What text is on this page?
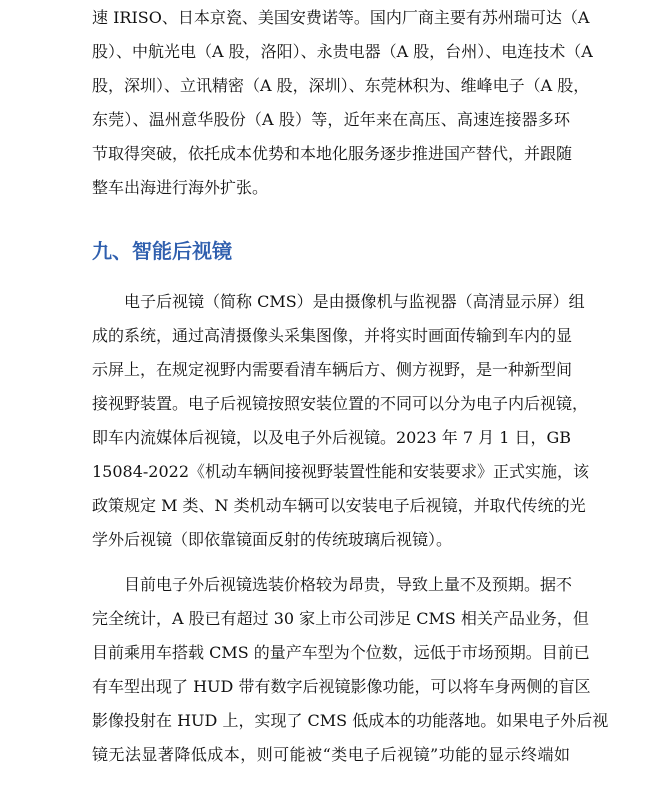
速 IRISO、日本京瓷、美国安费诺等。国内厂商主要有苏州瑞可达（A
股）、中航光电（A 股，洛阳）、永贵电器（A 股，台州）、电连技术（A
股，深圳）、立讯精密（A 股，深圳）、东莞林积为、维峰电子（A 股，
东莞）、温州意华股份（A 股）等，近年来在高压、高速连接器多环
节取得突破，依托成本优势和本地化服务逐步推进国产替代，并跟随
整车出海进行海外扩张。
九、智能后视镜
电子后视镜（简称 CMS）是由摄像机与监视器（高清显示屏）组
成的系统，通过高清摄像头采集图像，并将实时画面传输到车内的显
示屏上，在规定视野内需要看清车辆后方、侧方视野，是一种新型间
接视野装置。电子后视镜按照安装位置的不同可以分为电子内后视镜，
即车内流媒体后视镜，以及电子外后视镜。2023 年 7 月 1 日，GB
15084-2022《机动车辆间接视野装置性能和安装要求》正式实施，该
政策规定 M 类、N 类机动车辆可以安装电子后视镜，并取代传统的光
学外后视镜（即依靠镜面反射的传统玻璃后视镜）。
目前电子外后视镜选装价格较为昂贵，导致上量不及预期。据不
完全统计，A 股已有超过 30 家上市公司涉足 CMS 相关产品业务，但
目前乘用车搭载 CMS 的量产车型为个位数，远低于市场预期。目前已
有车型出现了 HUD 带有数字后视镜影像功能，可以将车身两侧的盲区
影像投射在 HUD 上，实现了 CMS 低成本的功能落地。如果电子外后视
镜无法显著降低成本，则可能被“类电子后视镜”功能的显示终端如
